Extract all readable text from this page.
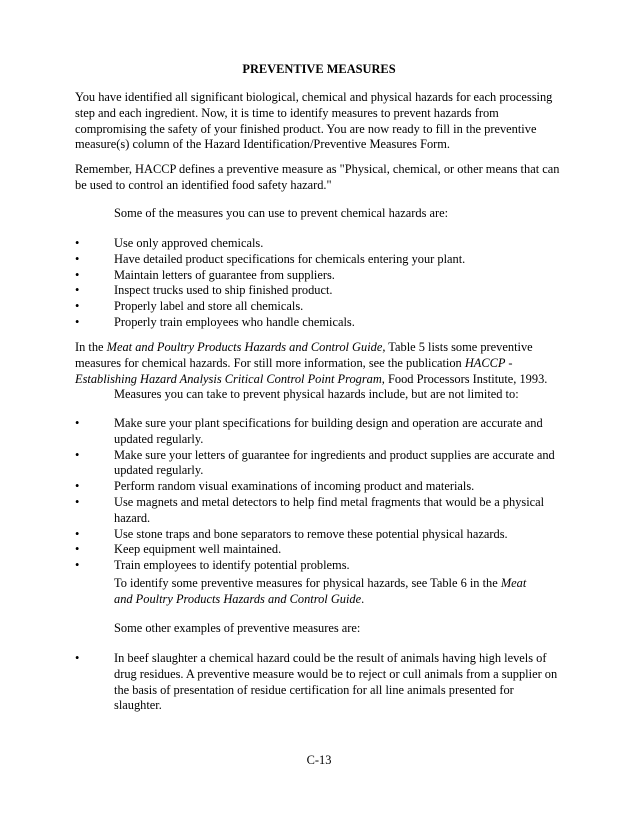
PREVENTIVE MEASURES
You have identified all significant biological, chemical and physical hazards for each processing
step and each ingredient. Now, it is time to identify measures to prevent hazards from
compromising the safety of your finished product. You are now ready to fill in the preventive
measure(s) column of the Hazard Identification/Preventive Measures Form.
Remember, HACCP defines a preventive measure as "Physical, chemical, or other means that can
be used to control an identified food safety hazard."
Some of the measures you can use to prevent chemical hazards are:
•	Use only approved chemicals.
•	Have detailed product specifications for chemicals entering your plant.
•	Maintain letters of guarantee from suppliers.
•	Inspect trucks used to ship finished product.
•	Properly label and store all chemicals.
•	Properly train employees who handle chemicals.
In the Meat and Poultry Products Hazards and Control Guide, Table 5 lists some preventive
measures for chemical hazards. For still more information, see the publication HACCP -
Establishing Hazard Analysis Critical Control Point Program, Food Processors Institute, 1993.
Measures you can take to prevent physical hazards include, but are not limited to:
•	Make sure your plant specifications for building design and operation are accurate and
updated regularly.
•	Make sure your letters of guarantee for ingredients and product supplies are accurate and
updated regularly.
•	Perform random visual examinations of incoming product and materials.
•	Use magnets and metal detectors to help find metal fragments that would be a physical
hazard.
•	Use stone traps and bone separators to remove these potential physical hazards.
•	Keep equipment well maintained.
•	Train employees to identify potential problems.
To identify some preventive measures for physical hazards, see Table 6 in the Meat
and Poultry Products Hazards and Control Guide.
Some other examples of preventive measures are:
•	In beef slaughter a chemical hazard could be the result of animals having high levels of
drug residues. A preventive measure would be to reject or cull animals from a supplier on
the basis of presentation of residue certification for all line animals presented for
slaughter.
C-13
